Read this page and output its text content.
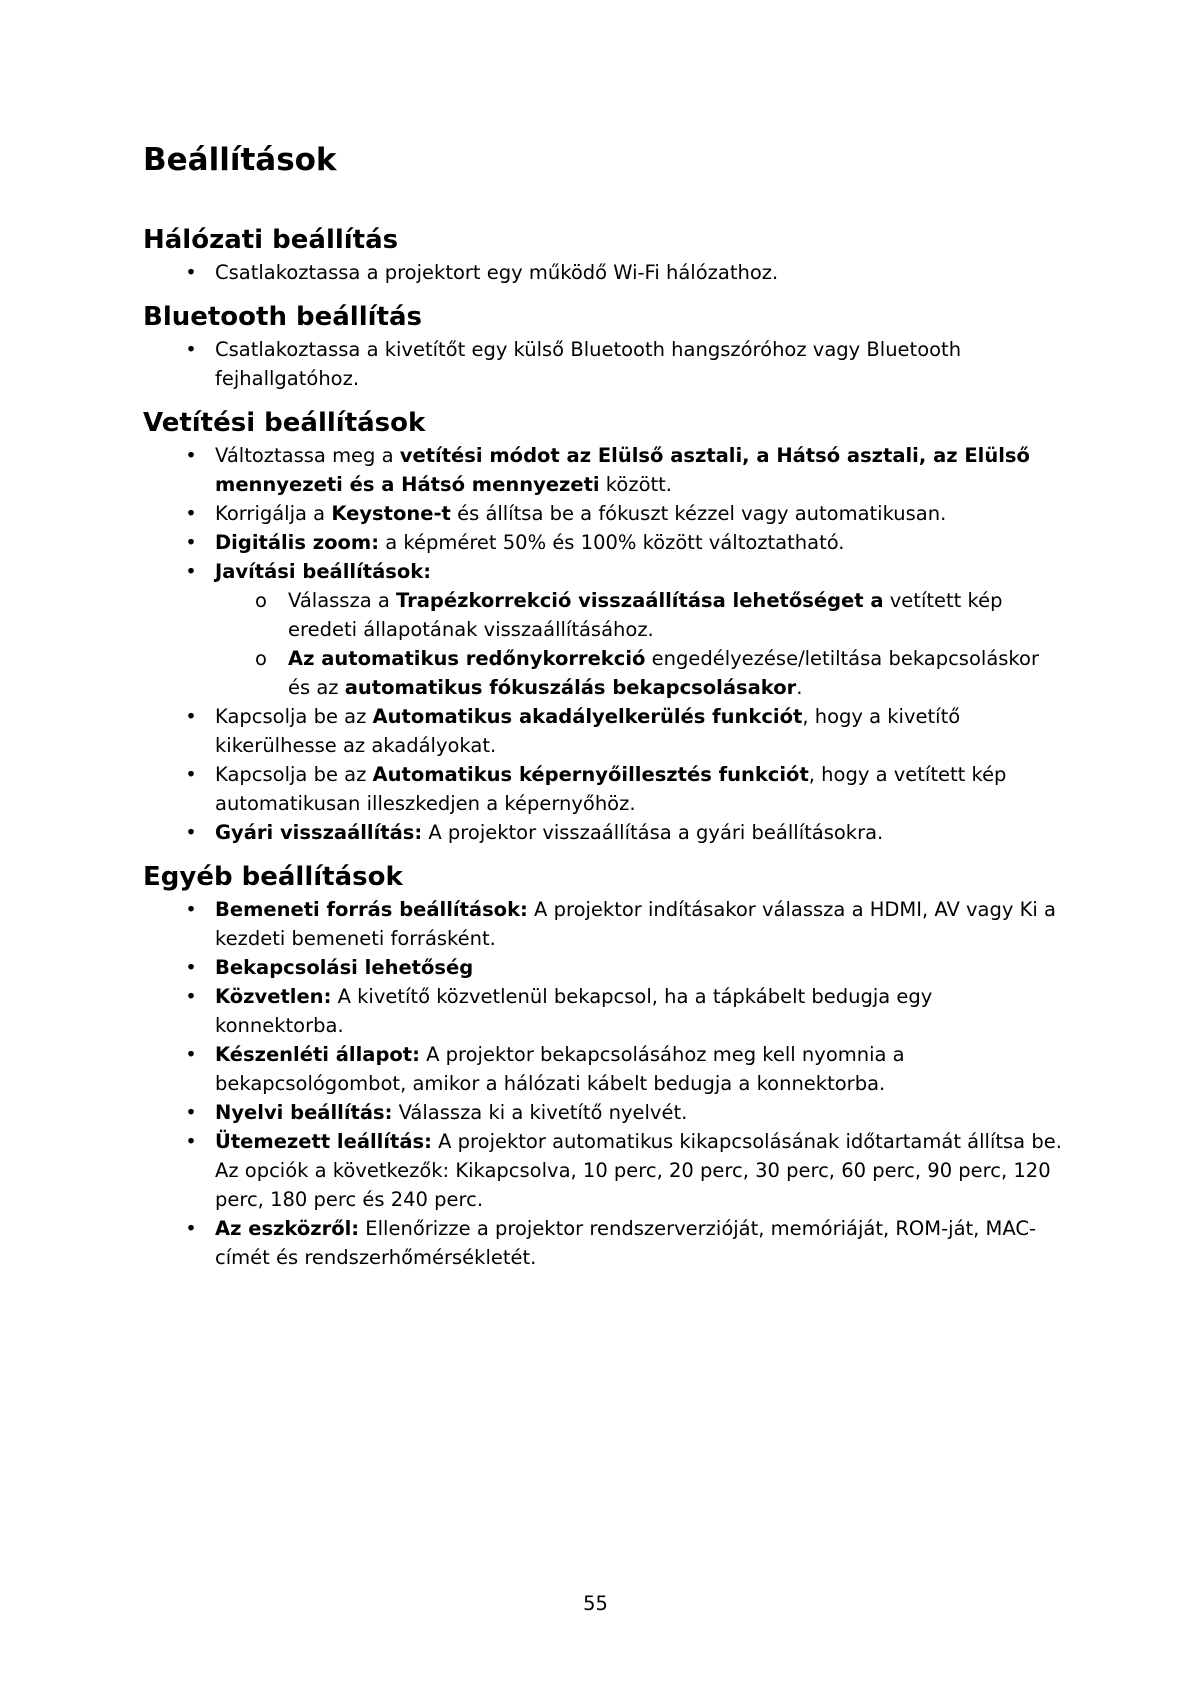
Beállítások
Hálózati beállítás
• Csatlakoztassa a projektort egy működő Wi-Fi hálózathoz.
Bluetooth beállítás
• Csatlakoztassa a kivetítőt egy külső Bluetooth hangszóróhoz vagy Bluetooth fejhallgatóhoz.
Vetítési beállítások
• Változtassa meg a vetítési módot az Elülső asztali, a Hátsó asztali, az Elülső mennyezeti és a Hátsó mennyezeti között.
• Korrigálja a Keystone-t és állítsa be a fókuszt kézzel vagy automatikusan.
• Digitális zoom: a képméret 50% és 100% között változtatható.
• Javítási beállítások:
o Válassza a Trapézkorrekció visszaállítása lehetőséget a vetített kép eredeti állapotának visszaállításához.
o Az automatikus redőnykorrekció engedélyezése/letiltása bekapcsoláskor és az automatikus fókuszálás bekapcsolásakor.
• Kapcsolja be az Automatikus akadályelkerülés funkciót, hogy a kivetítő kikerülhesse az akadályokat.
• Kapcsolja be az Automatikus képernyőillesztés funkciót, hogy a vetített kép automatikusan illeszkedjen a képernyőhöz.
• Gyári visszaállítás: A projektor visszaállítása a gyári beállításokra.
Egyéb beállítások
• Bemeneti forrás beállítások: A projektor indításakor válassza a HDMI, AV vagy Ki a kezdeti bemeneti forrásként.
• Bekapcsolási lehetőség
• Közvetlen: A kivetítő közvetlenül bekapcsol, ha a tápkábelt bedugja egy konnektorba.
• Készenléti állapot: A projektor bekapcsolásához meg kell nyomnia a bekapcsológombot, amikor a hálózati kábelt bedugja a konnektorba.
• Nyelvi beállítás: Válassza ki a kivetítő nyelvét.
• Ütemezett leállítás: A projektor automatikus kikapcsolásának időtartamát állítsa be. Az opciók a következők: Kikapcsolva, 10 perc, 20 perc, 30 perc, 60 perc, 90 perc, 120 perc, 180 perc és 240 perc.
• Az eszközről: Ellenőrizze a projektor rendszerverzióját, memóriáját, ROM-ját, MAC-címét és rendszerhőmérsékletét.
55
